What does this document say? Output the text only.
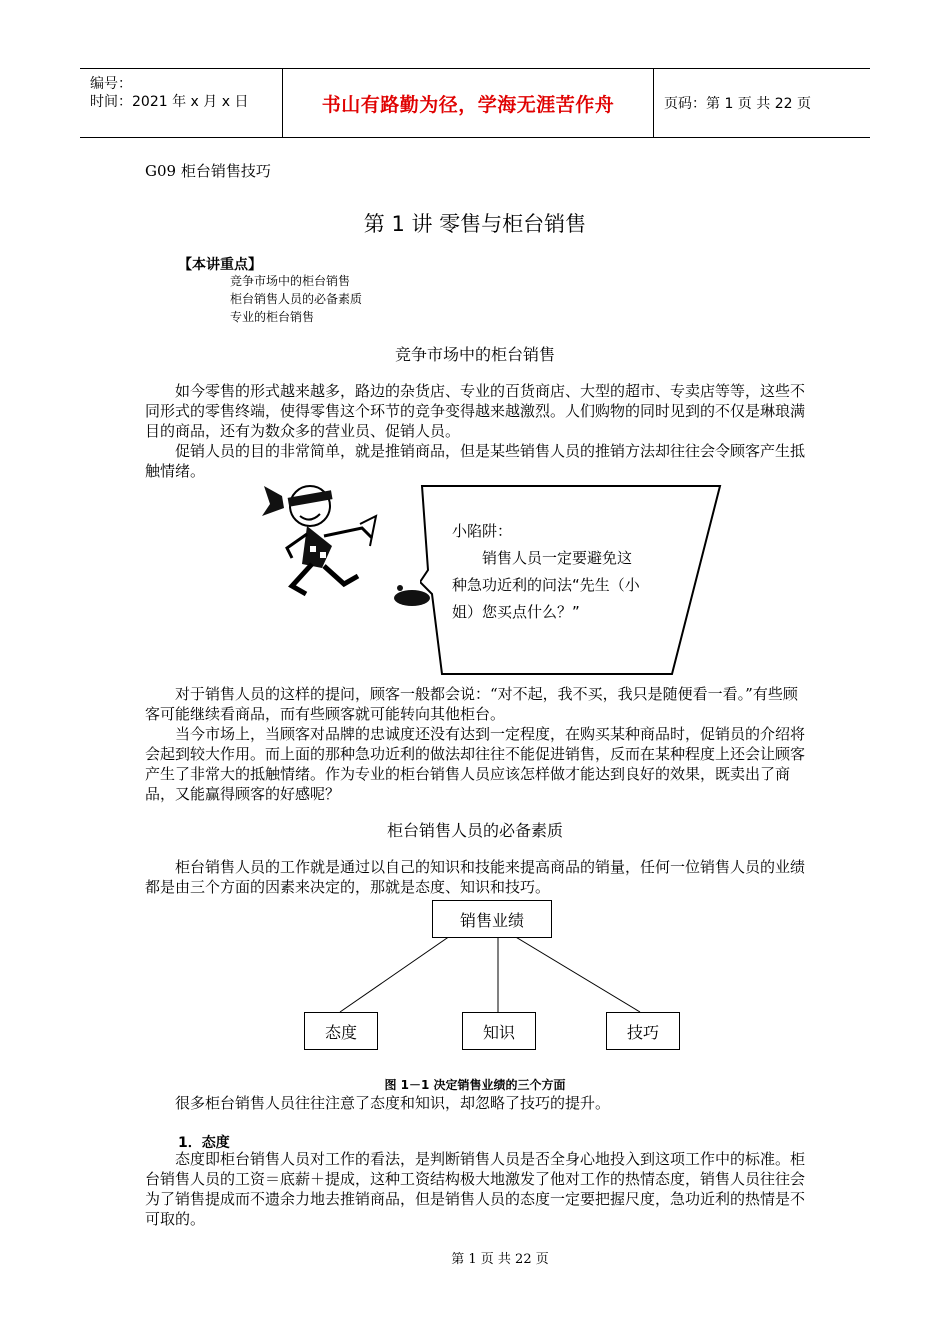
编号：
时间：2021 年 x 月 x 日	书山有路勤为径，学海无涯苦作舟	页码：第 1 页 共 22 页
G09 柜台销售技巧
第 1 讲 零售与柜台销售
【本讲重点】
竞争市场中的柜台销售
柜台销售人员的必备素质
专业的柜台销售
竞争市场中的柜台销售

如今零售的形式越来越多，路边的杂货店、专业的百货商店、大型的超市、专卖店等等，这些不同形式的零售终端，使得零售这个环节的竞争变得越来越激烈。人们购物的同时见到的不仅是琳琅满目的商品，还有为数众多的营业员、促销人员。

促销人员的目的非常简单，就是推销商品，但是某些销售人员的推销方法却往往会令顾客产生抵触情绪。

小陷阱：
销售人员一定要避免这
种急功近利的问法“先生（小
姐）您买点什么？”

对于销售人员的这样的提问，顾客一般都会说：“对不起，我不买，我只是随便看一看。”有些顾客可能继续看商品，而有些顾客就可能转向其他柜台。

当今市场上，当顾客对品牌的忠诚度还没有达到一定程度，在购买某种商品时，促销员的介绍将会起到较大作用。而上面的那种急功近利的做法却往往不能促进销售，反而在某种程度上还会让顾客产生了非常大的抵触情绪。作为专业的柜台销售人员应该怎样做才能达到良好的效果，既卖出了商品，又能赢得顾客的好感呢？

柜台销售人员的必备素质

柜台销售人员的工作就是通过以自己的知识和技能来提高商品的销量，任何一位销售人员的业绩都是由三个方面的因素来决定的，那就是态度、知识和技巧。

销售业绩
态度	知识	技巧
图 1－1 决定销售业绩的三个方面

很多柜台销售人员往往注意了态度和知识，却忽略了技巧的提升。

1．态度

态度即柜台销售人员对工作的看法，是判断销售人员是否全身心地投入到这项工作中的标准。柜台销售人员的工资＝底薪＋提成，这种工资结构极大地激发了他对工作的热情态度，销售人员往往会为了销售提成而不遗余力地去推销商品，但是销售人员的态度一定要把握尺度，急功近利的热情是不可取的。

第 1 页 共 22 页
